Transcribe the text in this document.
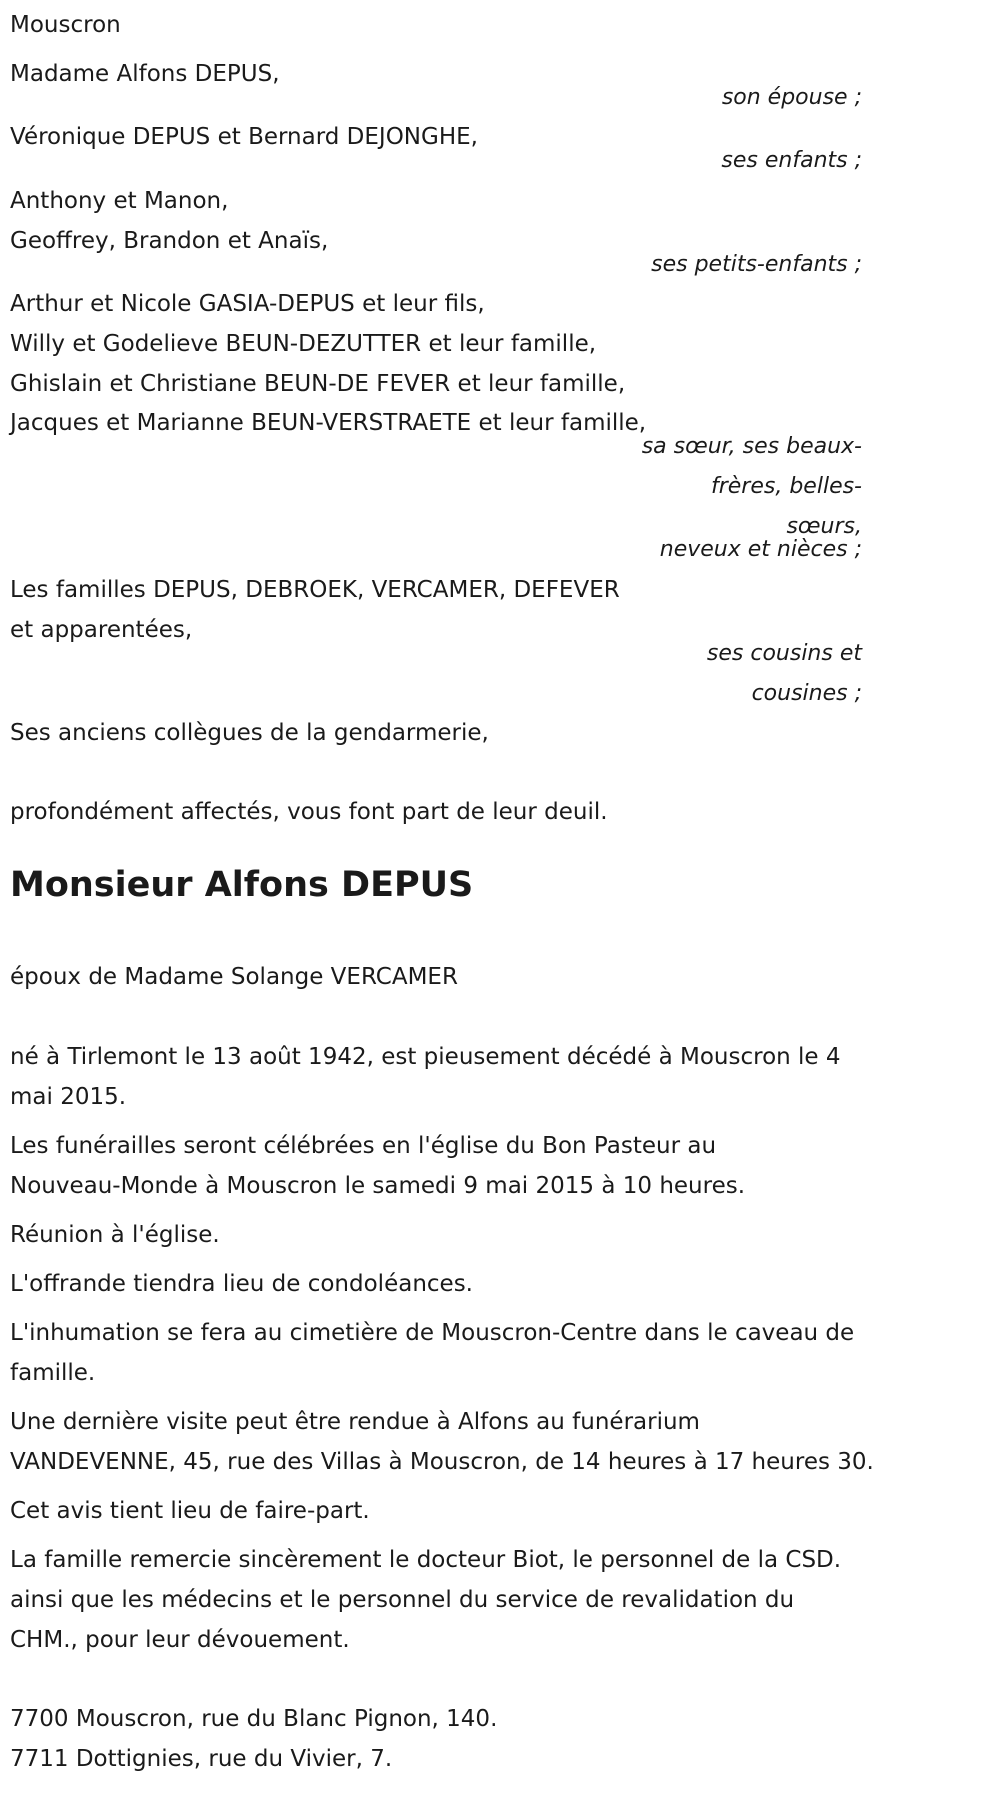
Mouscron
Madame Alfons DEPUS,
son épouse ;
Véronique DEPUS et Bernard DEJONGHE,
ses enfants ;
Anthony et Manon,
Geoffrey, Brandon et Anaïs,
ses petits-enfants ;
Arthur et Nicole GASIA-DEPUS et leur fils,
Willy et Godelieve BEUN-DEZUTTER et leur famille,
Ghislain et Christiane BEUN-DE FEVER et leur famille,
Jacques et Marianne BEUN-VERSTRAETE et leur famille,
sa sœur, ses beaux-
frères, belles-
sœurs,
neveux et nièces ;
Les familles DEPUS, DEBROEK, VERCAMER, DEFEVER
et apparentées,
ses cousins et
cousines ;
Ses anciens collègues de la gendarmerie,
profondément affectés, vous font part de leur deuil.
Monsieur Alfons DEPUS
époux de Madame Solange VERCAMER
né à Tirlemont le 13 août 1942, est pieusement décédé à Mouscron le 4
mai 2015.
Les funérailles seront célébrées en l'église du Bon Pasteur au
Nouveau-Monde à Mouscron le samedi 9 mai 2015 à 10 heures.
Réunion à l'église.
L'offrande tiendra lieu de condoléances.
L'inhumation se fera au cimetière de Mouscron-Centre dans le caveau de
famille.
Une dernière visite peut être rendue à Alfons au funérarium
VANDEVENNE, 45, rue des Villas à Mouscron, de 14 heures à 17 heures 30.
Cet avis tient lieu de faire-part.
La famille remercie sincèrement le docteur Biot, le personnel de la CSD.
ainsi que les médecins et le personnel du service de revalidation du
CHM., pour leur dévouement.
7700 Mouscron, rue du Blanc Pignon, 140.
7711 Dottignies, rue du Vivier, 7.
